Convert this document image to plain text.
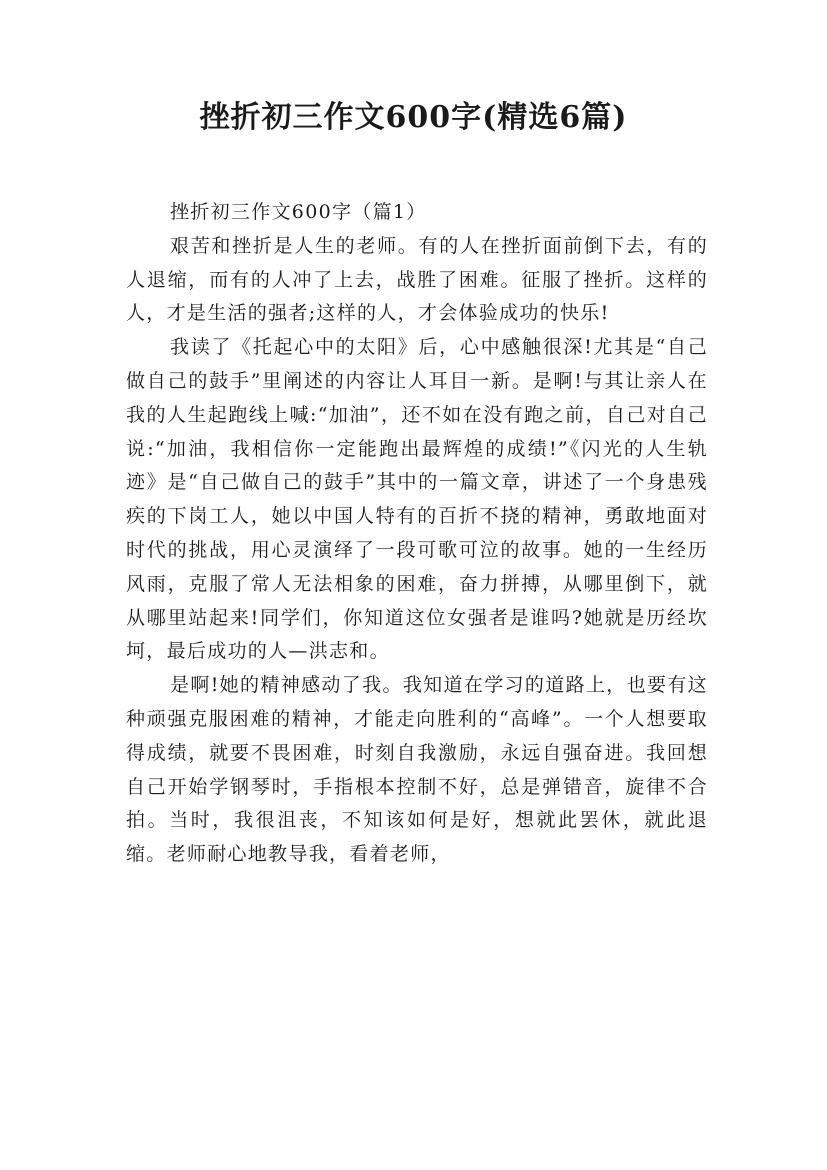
挫折初三作文600字(精选6篇)
挫折初三作文600字（篇1）

艰苦和挫折是人生的老师。有的人在挫折面前倒下去，有的人退缩，而有的人冲了上去，战胜了困难。征服了挫折。这样的人，才是生活的强者;这样的人，才会体验成功的快乐!

我读了《托起心中的太阳》后，心中感触很深!尤其是“自己做自己的鼓手”里阐述的内容让人耳目一新。是啊!与其让亲人在我的人生起跑线上喊:“加油”，还不如在没有跑之前，自己对自己说:“加油，我相信你一定能跑出最辉煌的成绩!”《闪光的人生轨迹》是“自己做自己的鼓手”其中的一篇文章，讲述了一个身患残疾的下岗工人，她以中国人特有的百折不挠的精神，勇敢地面对时代的挑战，用心灵演绎了一段可歌可泣的故事。她的一生经历风雨，克服了常人无法相象的困难，奋力拼搏，从哪里倒下，就从哪里站起来!同学们，你知道这位女强者是谁吗?她就是历经坎坷，最后成功的人—洪志和。

是啊!她的精神感动了我。我知道在学习的道路上，也要有这种顽强克服困难的精神，才能走向胜利的“高峰”。一个人想要取得成绩，就要不畏困难，时刻自我激励，永远自强奋进。我回想自己开始学钢琴时，手指根本控制不好，总是弹错音，旋律不合拍。当时，我很沮丧，不知该如何是好，想就此罢休，就此退缩。老师耐心地教导我，看着老师，
